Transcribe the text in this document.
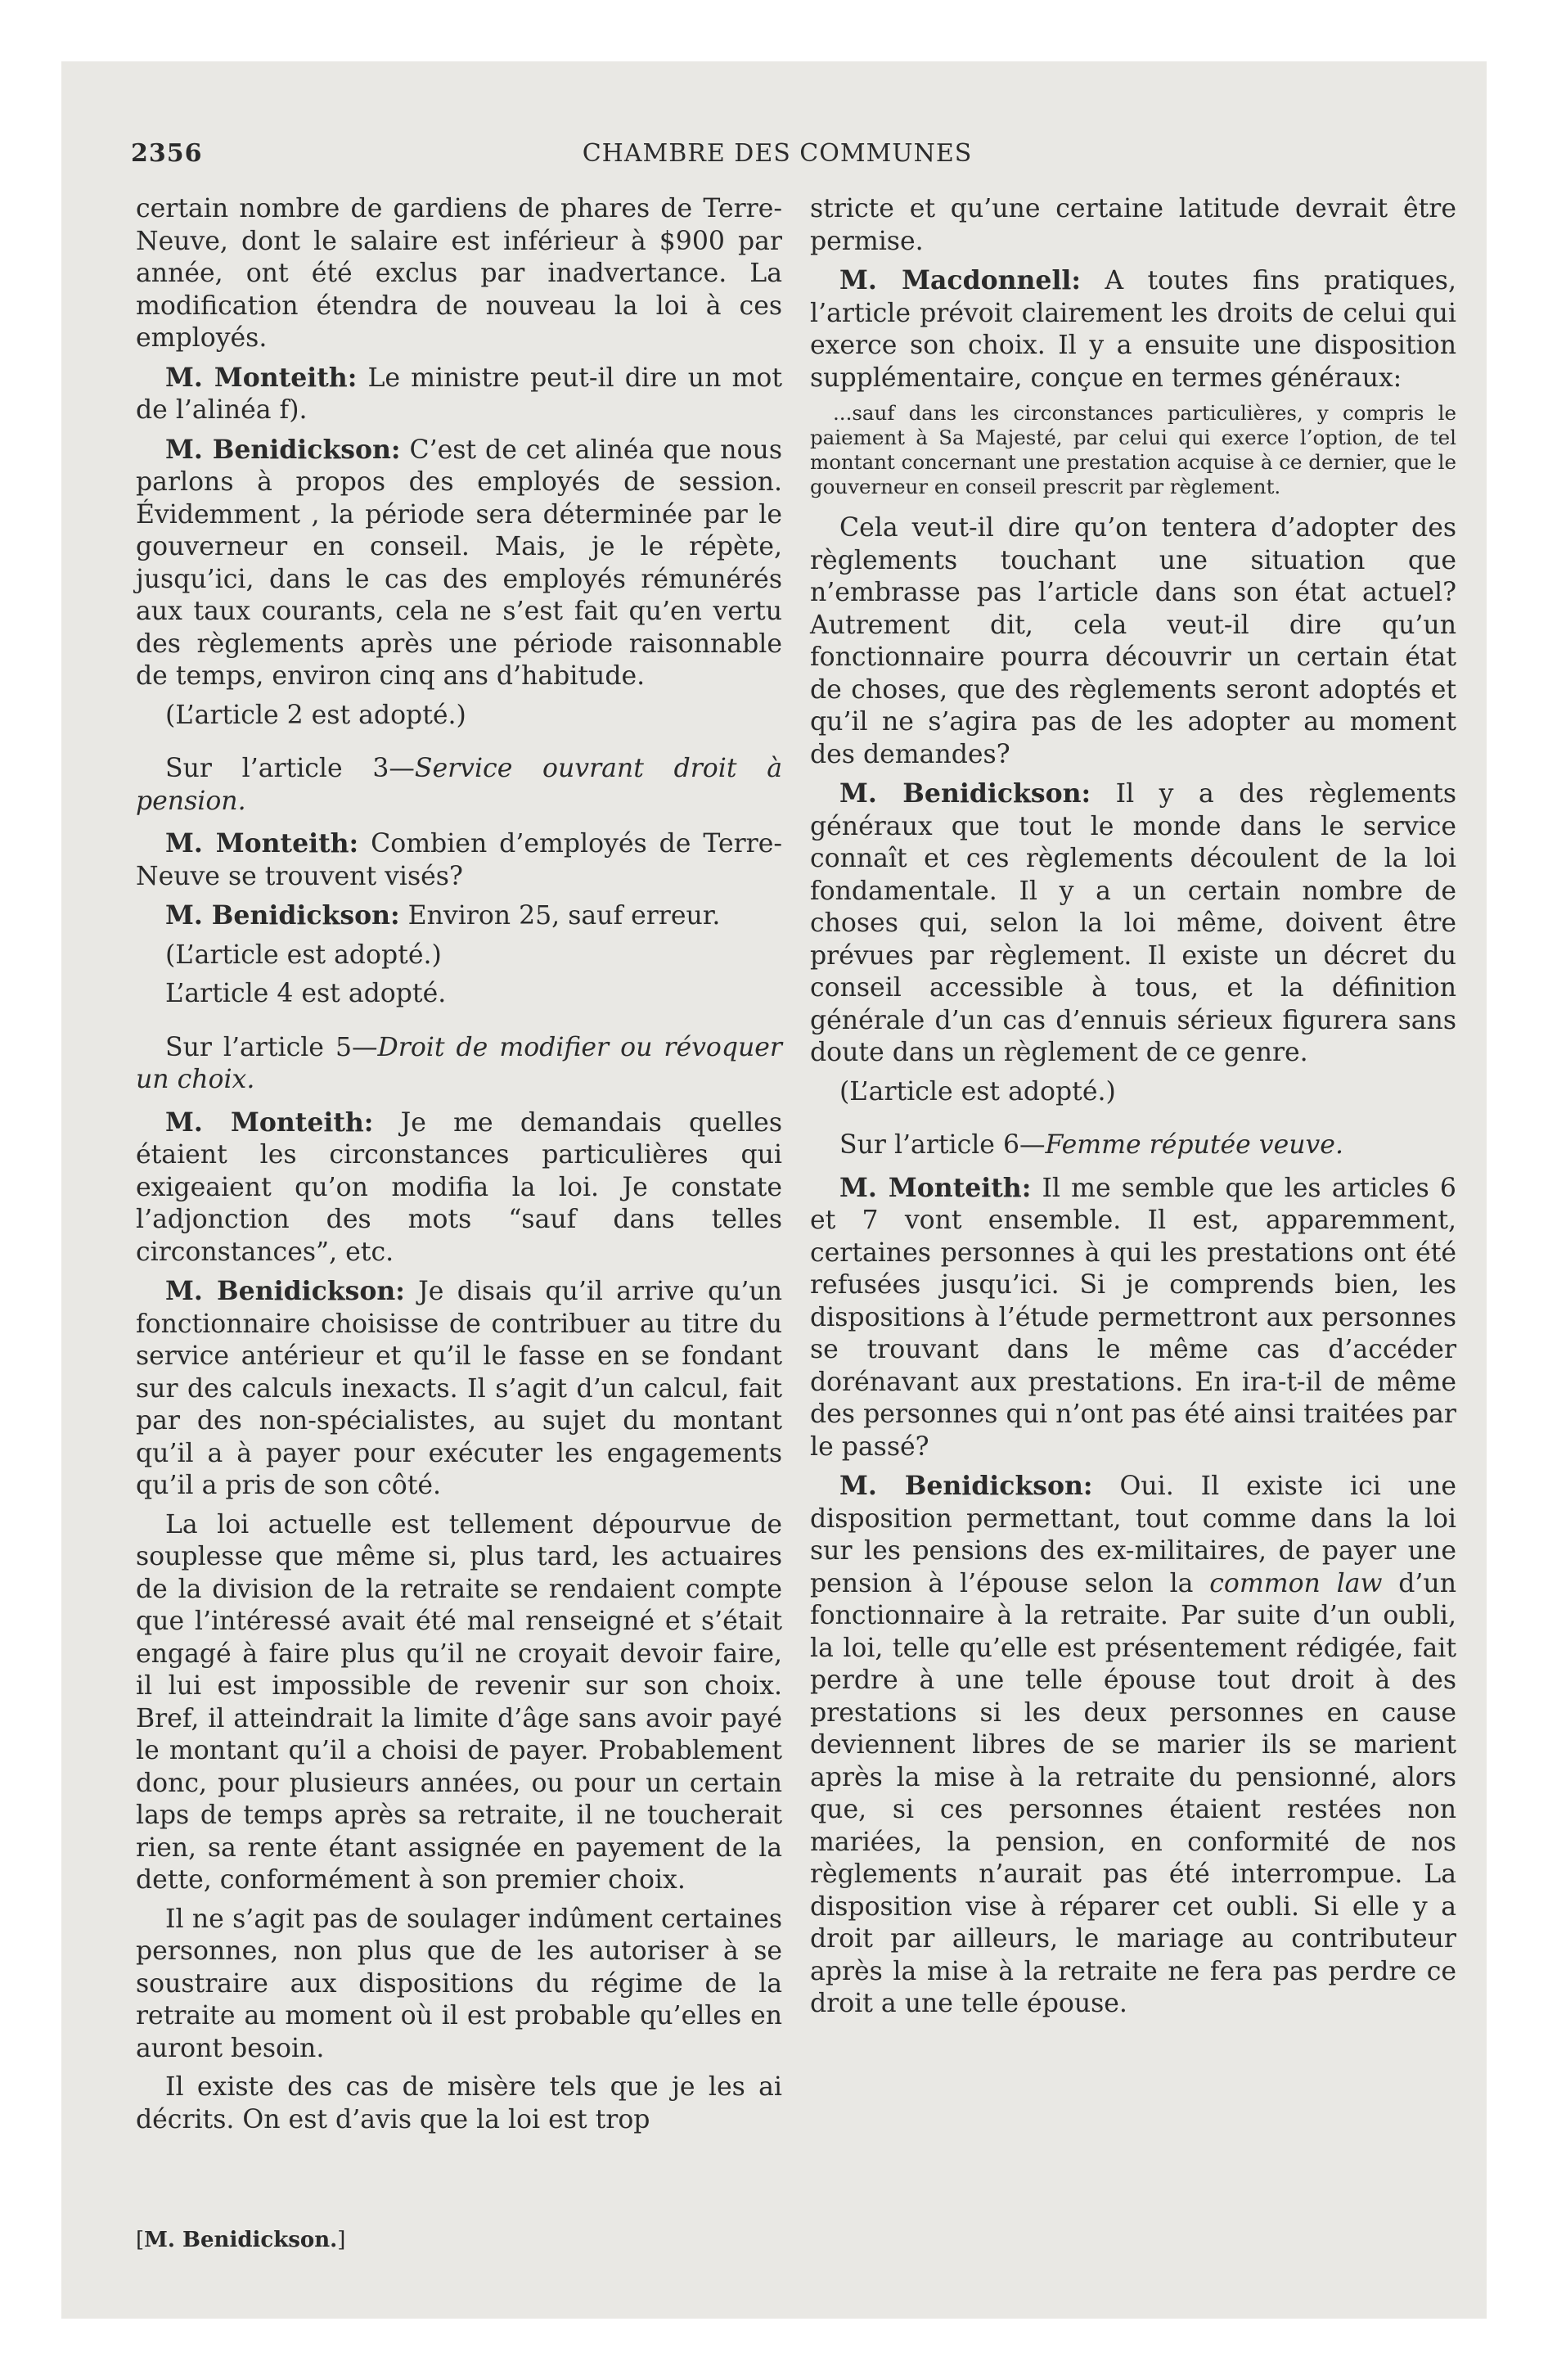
2356	CHAMBRE DES COMMUNES

certain nombre de gardiens de phares de Terre-Neuve, dont le salaire est inférieur à $900 par année, ont été exclus par inadvertance. La modification étendra de nouveau la loi à ces employés.

M. Monteith: Le ministre peut-il dire un mot de l’alinéa f).

M. Benidickson: C’est de cet alinéa que nous parlons à propos des employés de session. Évidemment , la période sera déterminée par le gouverneur en conseil. Mais, je le répète, jusqu’ici, dans le cas des employés rémunérés aux taux courants, cela ne s’est fait qu’en vertu des règlements après une période raisonnable de temps, environ cinq ans d’habitude.

(L’article 2 est adopté.)

Sur l’article 3—Service ouvrant droit à pension.

M. Monteith: Combien d’employés de Terre-Neuve se trouvent visés?

M. Benidickson: Environ 25, sauf erreur.

(L’article est adopté.)

L’article 4 est adopté.

Sur l’article 5—Droit de modifier ou révoquer un choix.

M. Monteith: Je me demandais quelles étaient les circonstances particulières qui exigeaient qu’on modifia la loi. Je constate l’adjonction des mots “sauf dans telles circonstances”, etc.

M. Benidickson: Je disais qu’il arrive qu’un fonctionnaire choisisse de contribuer au titre du service antérieur et qu’il le fasse en se fondant sur des calculs inexacts. Il s’agit d’un calcul, fait par des non-spécialistes, au sujet du montant qu’il a à payer pour exécuter les engagements qu’il a pris de son côté.

La loi actuelle est tellement dépourvue de souplesse que même si, plus tard, les actuaires de la division de la retraite se rendaient compte que l’intéressé avait été mal renseigné et s’était engagé à faire plus qu’il ne croyait devoir faire, il lui est impossible de revenir sur son choix. Bref, il atteindrait la limite d’âge sans avoir payé le montant qu’il a choisi de payer. Probablement donc, pour plusieurs années, ou pour un certain laps de temps après sa retraite, il ne toucherait rien, sa rente étant assignée en payement de la dette, conformément à son premier choix.

Il ne s’agit pas de soulager indûment certaines personnes, non plus que de les autoriser à se soustraire aux dispositions du régime de la retraite au moment où il est probable qu’elles en auront besoin.

Il existe des cas de misère tels que je les ai décrits. On est d’avis que la loi est trop

[M. Benidickson.]

stricte et qu’une certaine latitude devrait être permise.

M. Macdonnell: A toutes fins pratiques, l’article prévoit clairement les droits de celui qui exerce son choix. Il y a ensuite une disposition supplémentaire, conçue en termes généraux:

...sauf dans les circonstances particulières, y compris le paiement à Sa Majesté, par celui qui exerce l’option, de tel montant concernant une prestation acquise à ce dernier, que le gouverneur en conseil prescrit par règlement.

Cela veut-il dire qu’on tentera d’adopter des règlements touchant une situation que n’embrasse pas l’article dans son état actuel? Autrement dit, cela veut-il dire qu’un fonctionnaire pourra découvrir un certain état de choses, que des règlements seront adoptés et qu’il ne s’agira pas de les adopter au moment des demandes?

M. Benidickson: Il y a des règlements généraux que tout le monde dans le service connaît et ces règlements découlent de la loi fondamentale. Il y a un certain nombre de choses qui, selon la loi même, doivent être prévues par règlement. Il existe un décret du conseil accessible à tous, et la définition générale d’un cas d’ennuis sérieux figurera sans doute dans un règlement de ce genre.

(L’article est adopté.)

Sur l’article 6—Femme réputée veuve.

M. Monteith: Il me semble que les articles 6 et 7 vont ensemble. Il est, apparemment, certaines personnes à qui les prestations ont été refusées jusqu’ici. Si je comprends bien, les dispositions à l’étude permettront aux personnes se trouvant dans le même cas d’accéder dorénavant aux prestations. En ira-t-il de même des personnes qui n’ont pas été ainsi traitées par le passé?

M. Benidickson: Oui. Il existe ici une disposition permettant, tout comme dans la loi sur les pensions des ex-militaires, de payer une pension à l’épouse selon la common law d’un fonctionnaire à la retraite. Par suite d’un oubli, la loi, telle qu’elle est présentement rédigée, fait perdre à une telle épouse tout droit à des prestations si les deux personnes en cause deviennent libres de se marier ils se marient après la mise à la retraite du pensionné, alors que, si ces personnes étaient restées non mariées, la pension, en conformité de nos règlements n’aurait pas été interrompue. La disposition vise à réparer cet oubli. Si elle y a droit par ailleurs, le mariage au contributeur après la mise à la retraite ne fera pas perdre ce droit a une telle épouse.
